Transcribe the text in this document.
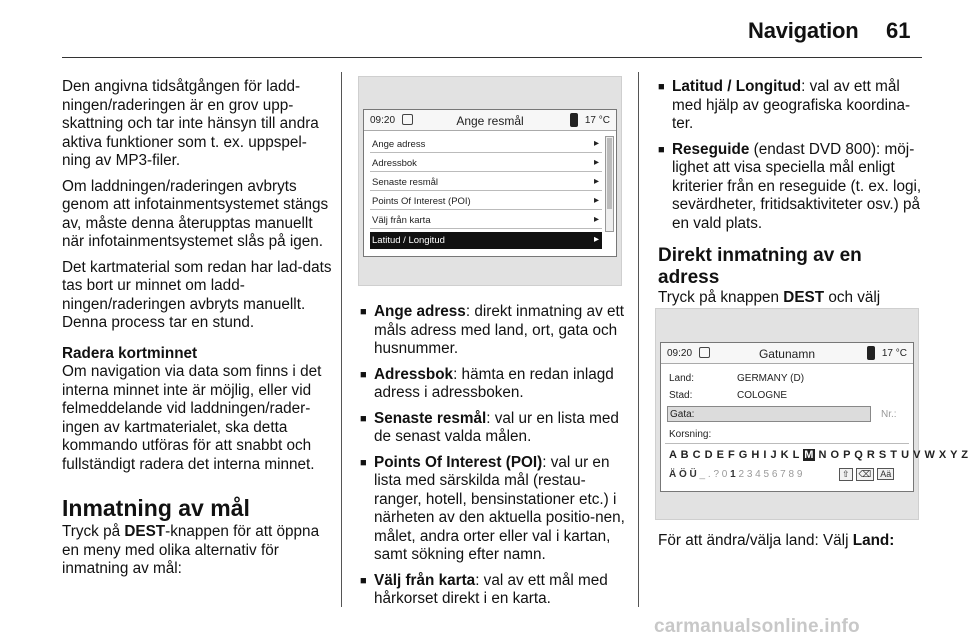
Navigation 61

Den angivna tidsåtgången för ladd-ningen/raderingen är en grov upp-skattning och tar inte hänsyn till andra aktiva funktioner som t. ex. uppspel-ning av MP3-filer.

Om laddningen/raderingen avbryts genom att infotainmentsystemet stängs av, måste denna återupptas manuellt när infotainmentsystemet slås på igen.

Det kartmaterial som redan har lad-dats tas bort ur minnet om ladd-ningen/raderingen avbryts manuellt. Denna process tar en stund.

Radera kortminnet

Om navigation via data som finns i det interna minnet inte är möjlig, eller vid felmeddelande vid laddningen/rader-ingen av kartmaterialet, ska detta kommando utföras för att snabbt och fullständigt radera det interna minnet.

Inmatning av mål

Tryck på DEST-knappen för att öppna en meny med olika alternativ för inmatning av mål:

09:20	Ange resmål	17 °C
Ange adress	▸
Adressbok	▸
Senaste resmål	▸
Points Of Interest (POI)	▸
Välj från karta	▸
Latitud / Longitud	▸
■ Ange adress: direkt inmatning av ett måls adress med land, ort, gata och husnummer.
■ Adressbok: hämta en redan inlagd adress i adressboken.
■ Senaste resmål: val ur en lista med de senast valda målen.
■ Points Of Interest (POI): val ur en lista med särskilda mål (restau-ranger, hotell, bensinstationer etc.) i närheten av den aktuella positio-nen, målet, andra orter eller val i kartan, samt sökning efter namn.
■ Välj från karta: val av ett mål med hårkorset direkt i en karta.
■ Latitud / Longitud: val av ett mål med hjälp av geografiska koordina-ter.
■ Reseguide (endast DVD 800): möj-lighet att visa speciella mål enligt kriterier från en reseguide (t. ex. logi, sevärdheter, fritidsaktiviteter osv.) på en vald plats.
Direkt inmatning av en adress

Tryck på knappen DEST och välj

09:20	Gatunamn	17 °C
Land:	GERMANY (D)
Stad:	COLOGNE
Gata:	Nr.:
Korsning:
A B C D E F G H I J K L M N O P Q R S T U V W X Y Z
Ä Ö Ü _ . ? 0 1 2 3 4 5 6 7 8 9	⇧ ⌫ Aä

För att ändra/välja land: Välj Land:

carmanualsonline.info
